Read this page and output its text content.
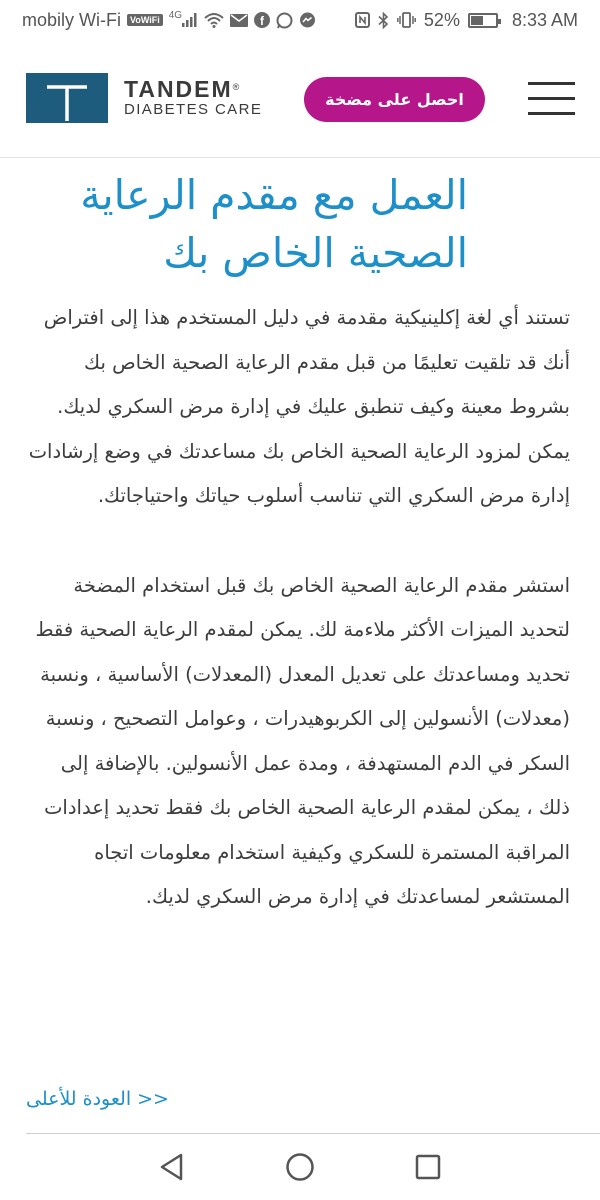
mobily Wi-Fi	VoWiFi 4G	f	52%	8:33 AM
TANDEM®
DIABETES CARE
احصل على مضخة
العمل مع مقدم الرعاية الصحية الخاص بك

تستند أي لغة إكلينيكية مقدمة في دليل المستخدم هذا إلى افتراض أنك قد تلقيت تعليمًا من قبل مقدم الرعاية الصحية الخاص بك بشروط معينة وكيف تنطبق عليك في إدارة مرض السكري لديك. يمكن لمزود الرعاية الصحية الخاص بك مساعدتك في وضع إرشادات إدارة مرض السكري التي تناسب أسلوب حياتك واحتياجاتك.

استشر مقدم الرعاية الصحية الخاص بك قبل استخدام المضخة لتحديد الميزات الأكثر ملاءمة لك. يمكن لمقدم الرعاية الصحية فقط تحديد ومساعدتك على تعديل المعدل (المعدلات) الأساسية ، ونسبة (معدلات) الأنسولين إلى الكربوهيدرات ، وعوامل التصحيح ، ونسبة السكر في الدم المستهدفة ، ومدة عمل الأنسولين. بالإضافة إلى ذلك ، يمكن لمقدم الرعاية الصحية الخاص بك فقط تحديد إعدادات المراقبة المستمرة للسكري وكيفية استخدام معلومات اتجاه المستشعر لمساعدتك في إدارة مرض السكري لديك.

<< العودة للأعلى
